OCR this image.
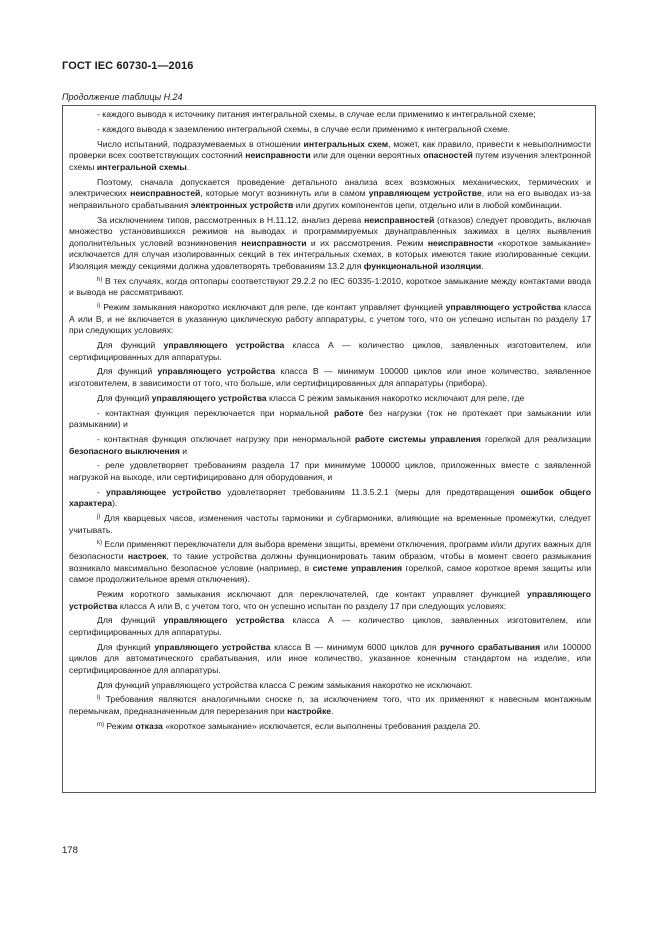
ГОСТ IEC 60730-1—2016
Продолжение таблицы Н.24

- каждого вывода к источнику питания интегральной схемы, в случае если применимо к интегральной схеме;

- каждого вывода к заземлению интегральной схемы, в случае если применимо к интегральной схеме.

Число испытаний, подразумеваемых в отношении интегральных схем, может, как правило, привести к невыполнимости проверки всех соответствующих состояний неисправности или для оценки вероятных опасностей путем изучения электронной схемы интегральной схемы.

Поэтому, сначала допускается проведение детального анализа всех возможных механических, термических и электрических неисправностей, которые могут возникнуть или в самом управляющем устройстве, или на его выводах из-за неправильного срабатывания электронных устройств или других компонентов цепи, отдельно или в любой комбинации.

За исключением типов, рассмотренных в Н.11.12, анализ дерева неисправностей (отказов) следует проводить, включая множество установившихся режимов на выводах и программируемых двунаправленных зажимах в целях выявления дополнительных условий возникновения неисправности и их рассмотрения. Режим неисправности «короткое замыкание» исключается для случая изолированных секций в тех интегральных схемах, в которых имеются такие изолированные секции. Изоляция между секциями должна удовлетворять требованиям 13.2 для функциональной изоляции.

$^{h)}$ В тех случаях, когда оптопары соответствуют 29.2.2 по IEC 60335-1:2010, короткое замыкание между контактами ввода и вывода не рассматривают.

$^{i)}$ Режим замыкания накоротко исключают для реле, где контакт управляет функцией управляющего устройства класса А или В, и не включается в указанную циклическую работу аппаратуры, с учетом того, что он успешно испытан по разделу 17 при следующих условиях:

Для функций управляющего устройства класса А — количество циклов, заявленных изготовителем, или сертифицированных для аппаратуры.

Для функций управляющего устройства класса В — минимум 100000 циклов или иное количество, заявленное изготовителем, в зависимости от того, что больше, или сертифицированных для аппаратуры (прибора).

Для функций управляющего устройства класса С режим замыкания накоротко исключают для реле, где

- контактная функция переключается при нормальной работе без нагрузки (ток не протекает при замыкании или размыкании) и

- контактная функция отключает нагрузку при ненормальной работе системы управления горелкой для реализации безопасного выключения и

- реле удовлетворяет требованиям раздела 17 при минимуме 100000 циклов, приложенных вместе с заявленной нагрузкой на выходе, или сертифицировано для оборудования, и

- управляющее устройство удовлетворяет требованиям 11.3.5.2.1 (меры для предотвращения ошибок общего характера).

$^{j)}$ Для кварцевых часов, изменения частоты гармоники и субгармоники, влияющие на временные промежутки, следует учитывать.

$^{k)}$ Если применяют переключатели для выбора времени защиты, времени отключения, программ и/или других важных для безопасности настроек, то такие устройства должны функционировать таким образом, чтобы в момент своего размыкания возникало максимально безопасное условие (например, в системе управления горелкой, самое короткое время защиты или самое продолжительное время отключения).

Режим короткого замыкания исключают для переключателей, где контакт управляет функцией управляющего устройства класса А или В, с учетом того, что он успешно испытан по разделу 17 при следующих условиях:

Для функций управляющего устройства класса А — количество циклов, заявленных изготовителем, или сертифицированных для аппаратуры.

Для функций управляющего устройства класса В — минимум 6000 циклов для ручного срабатывания или 100000 циклов для автоматического срабатывания, или иное количество, указанное конечным стандартом на изделие, или сертифицированное для аппаратуры.

Для функций управляющего устройства класса С режим замыкания накоротко не исключают.

$^{l)}$ Требования являются аналогичными сноске n, за исключением того, что их применяют к навесным монтажным перемычкам, предназначенным для перерезания при настройке.

$^{m)}$ Режим отказа «короткое замыкание» исключается, если выполнены требования раздела 20.

178
